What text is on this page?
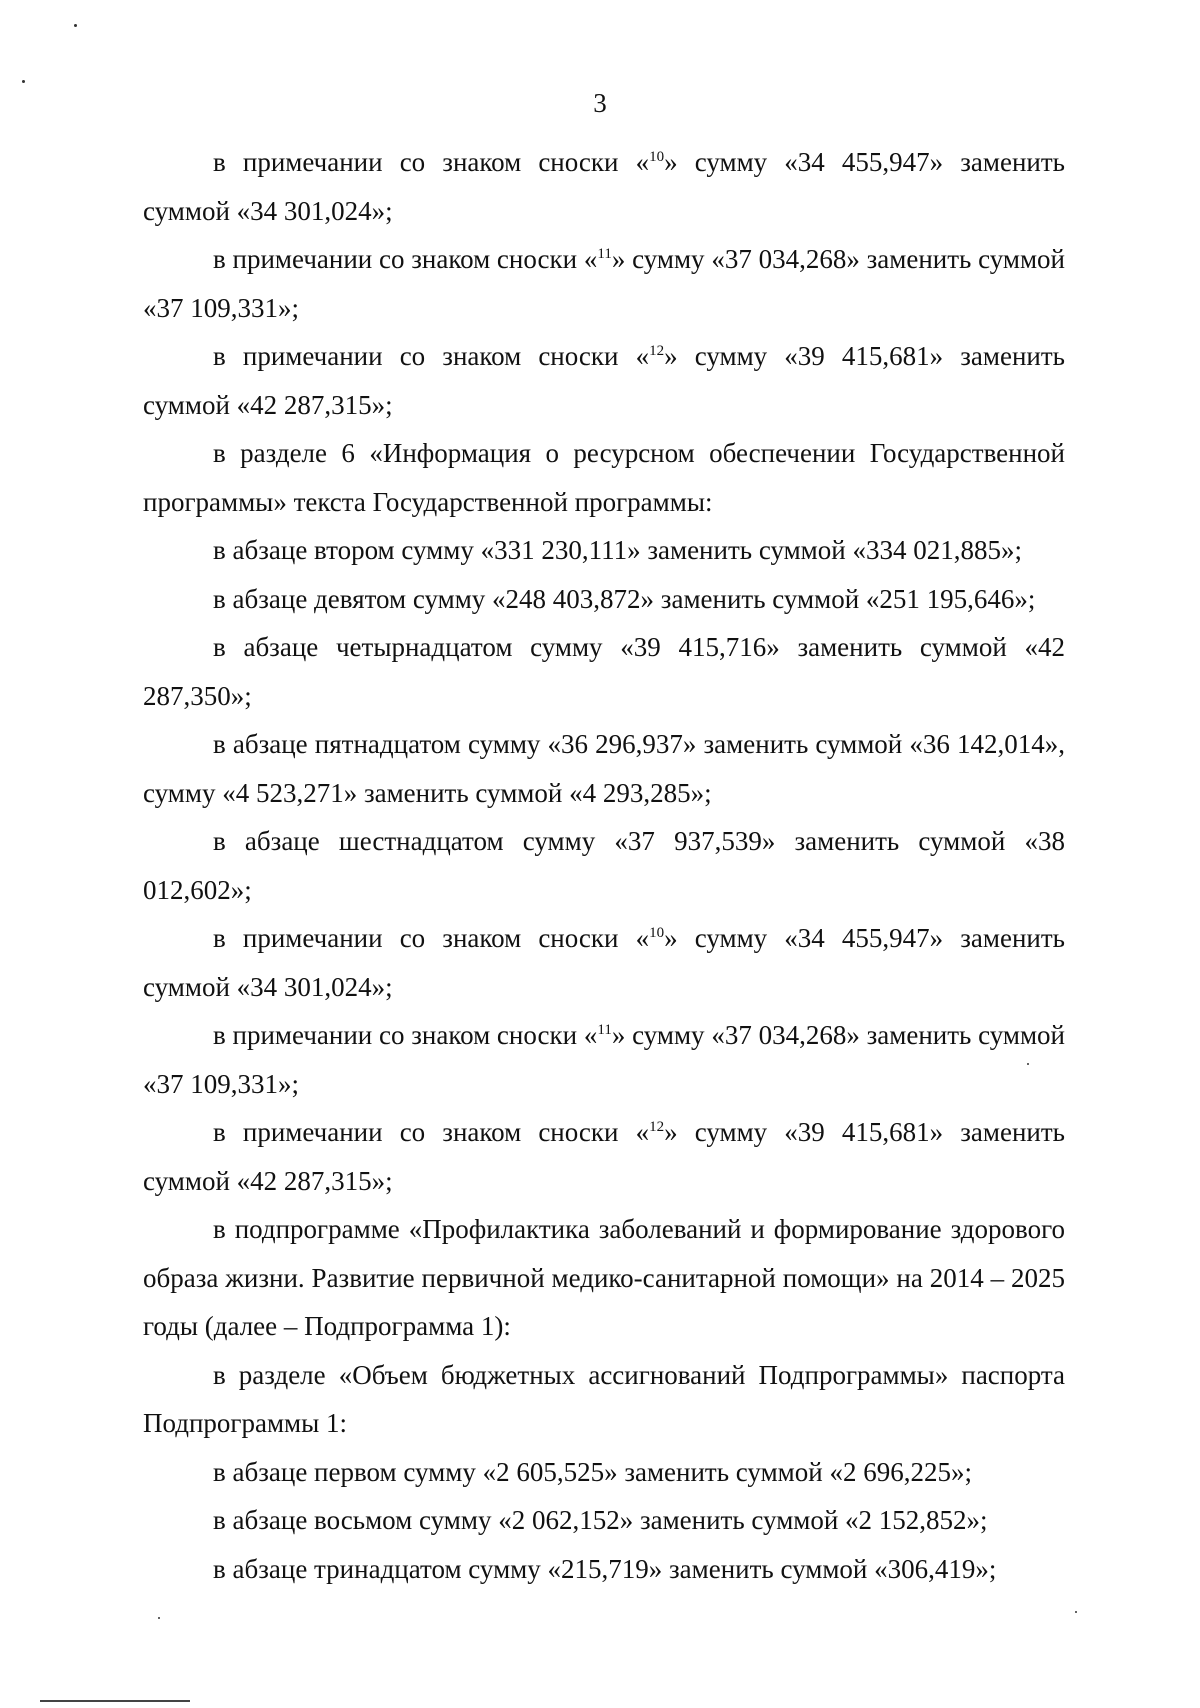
3

в примечании со знаком сноски «$^{10}$» сумму «34 455,947» заменить суммой «34 301,024»;

в примечании со знаком сноски «$^{11}$» сумму «37 034,268» заменить суммой «37 109,331»;

в примечании со знаком сноски «$^{12}$» сумму «39 415,681» заменить суммой «42 287,315»;

в разделе 6 «Информация о ресурсном обеспечении Государственной программы» текста Государственной программы:

в абзаце втором сумму «331 230,111» заменить суммой «334 021,885»;

в абзаце девятом сумму «248 403,872» заменить суммой «251 195,646»;

в абзаце четырнадцатом сумму «39 415,716» заменить суммой «42 287,350»;

в абзаце пятнадцатом сумму «36 296,937» заменить суммой «36 142,014», сумму «4 523,271» заменить суммой «4 293,285»;

в абзаце шестнадцатом сумму «37 937,539» заменить суммой «38 012,602»;

в примечании со знаком сноски «$^{10}$» сумму «34 455,947» заменить суммой «34 301,024»;

в примечании со знаком сноски «$^{11}$» сумму «37 034,268» заменить суммой «37 109,331»;

в примечании со знаком сноски «$^{12}$» сумму «39 415,681» заменить суммой «42 287,315»;

в подпрограмме «Профилактика заболеваний и формирование здорового образа жизни. Развитие первичной медико-санитарной помощи» на 2014 – 2025 годы (далее – Подпрограмма 1):

в разделе «Объем бюджетных ассигнований Подпрограммы» паспорта Подпрограммы 1:

в абзаце первом сумму «2 605,525» заменить суммой «2 696,225»;

в абзаце восьмом сумму «2 062,152» заменить суммой «2 152,852»;

в абзаце тринадцатом сумму «215,719» заменить суммой «306,419»;
